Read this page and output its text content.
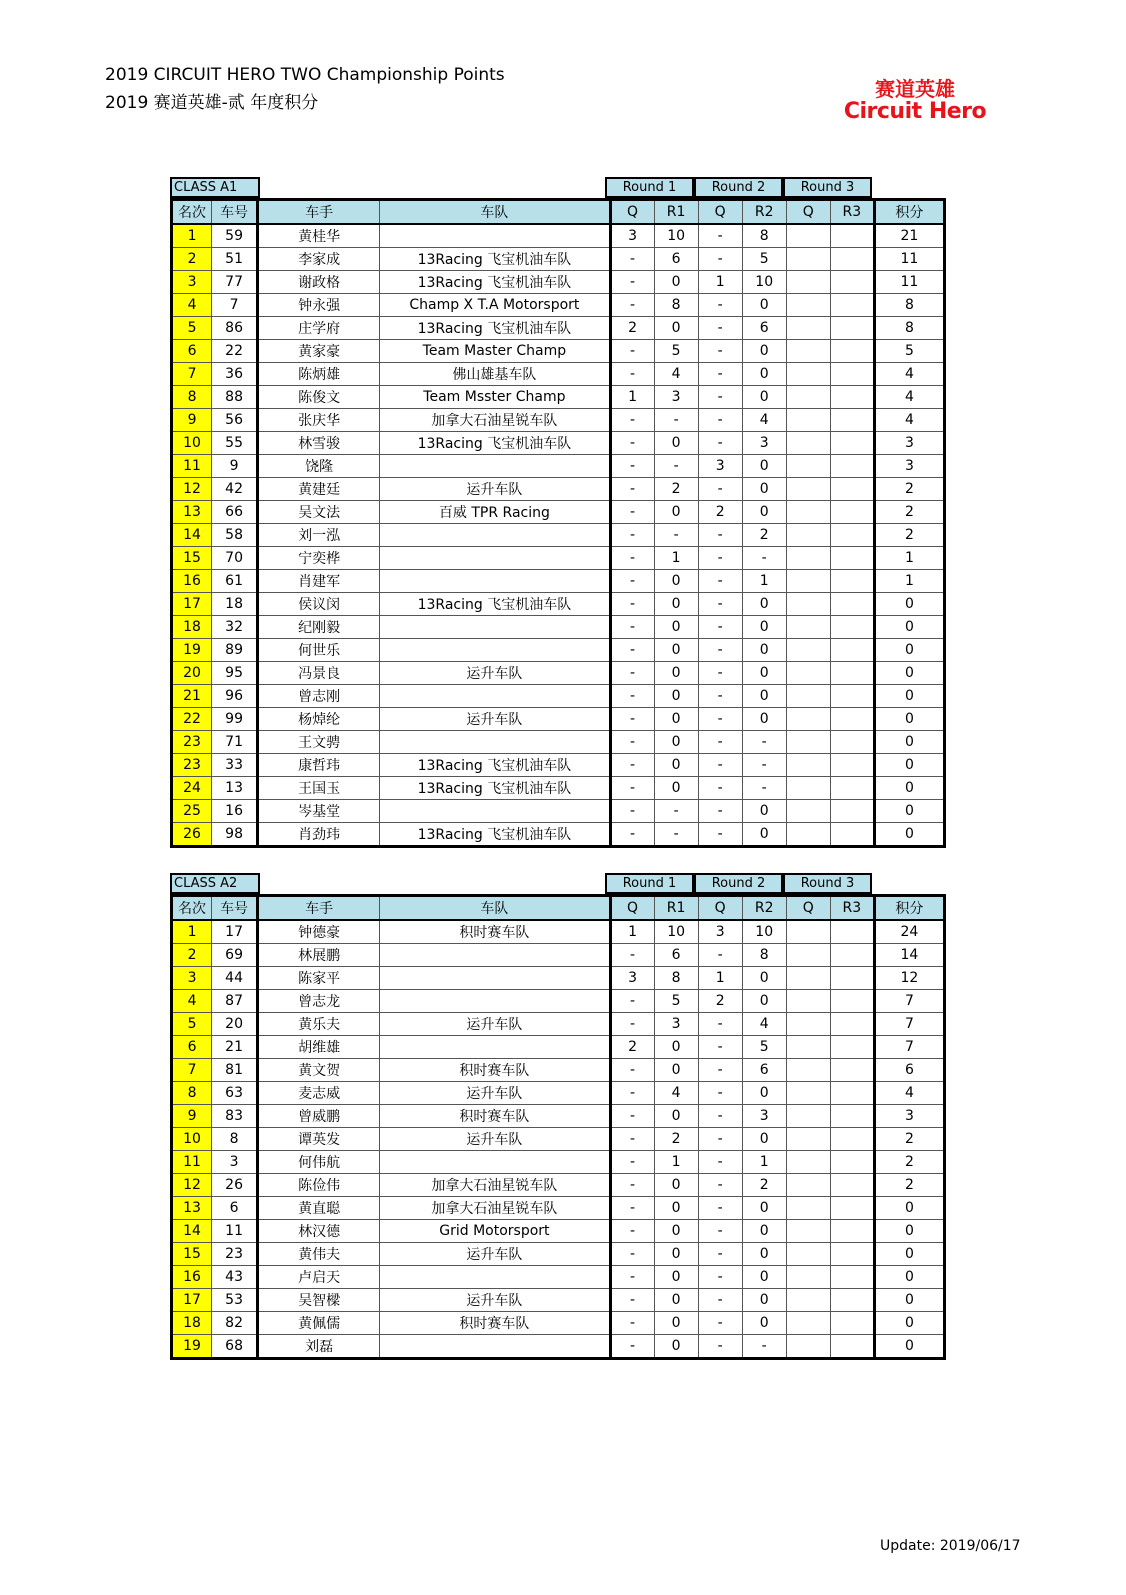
2019 CIRCUIT HERO TWO Championship Points
2019 赛道英雄-贰 年度积分
赛道英雄
Circuit Hero
CLASS A1	Round 1	Round 2	Round 3
名次	车号	车手	车队	Q	R1	Q	R2	Q	R3	积分
1	59	黄桂华		3	10	-	8			21
2	51	李家成	13Racing 飞宝机油车队	-	6	-	5			11
3	77	谢政格	13Racing 飞宝机油车队	-	0	1	10			11
4	7	钟永强	Champ X T.A Motorsport	-	8	-	0			8
5	86	庄学府	13Racing 飞宝机油车队	2	0	-	6			8
6	22	黄家豪	Team Master Champ	-	5	-	0			5
7	36	陈炳雄	佛山雄基车队	-	4	-	0			4
8	88	陈俊文	Team Msster Champ	1	3	-	0			4
9	56	张庆华	加拿大石油星锐车队	-	-	-	4			4
10	55	林雪骏	13Racing 飞宝机油车队	-	0	-	3			3
11	9	饶隆		-	-	3	0			3
12	42	黄建廷	运升车队	-	2	-	0			2
13	66	吴文法	百威 TPR Racing	-	0	2	0			2
14	58	刘一泓		-	-	-	2			2
15	70	宁奕桦		-	1	-	-			1
16	61	肖建军		-	0	-	1			1
17	18	侯议闵	13Racing 飞宝机油车队	-	0	-	0			0
18	32	纪刚毅		-	0	-	0			0
19	89	何世乐		-	0	-	0			0
20	95	冯景良	运升车队	-	0	-	0			0
21	96	曾志刚		-	0	-	0			0
22	99	杨焯纶	运升车队	-	0	-	0			0
23	71	王文骋		-	0	-	-			0
23	33	康哲玮	13Racing 飞宝机油车队	-	0	-	-			0
24	13	王国玉	13Racing 飞宝机油车队	-	0	-	-			0
25	16	岑基堂		-	-	-	0			0
26	98	肖劲玮	13Racing 飞宝机油车队	-	-	-	0			0
CLASS A2	Round 1	Round 2	Round 3
名次	车号	车手	车队	Q	R1	Q	R2	Q	R3	积分
1	17	钟德豪	积时赛车队	1	10	3	10			24
2	69	林展鹏		-	6	-	8			14
3	44	陈家平		3	8	1	0			12
4	87	曾志龙		-	5	2	0			7
5	20	黄乐夫	运升车队	-	3	-	4			7
6	21	胡维雄		2	0	-	5			7
7	81	黄文贺	积时赛车队	-	0	-	6			6
8	63	麦志威	运升车队	-	4	-	0			4
9	83	曾威鹏	积时赛车队	-	0	-	3			3
10	8	谭英发	运升车队	-	2	-	0			2
11	3	何伟航		-	1	-	1			2
12	26	陈俭伟	加拿大石油星锐车队	-	0	-	2			2
13	6	黄直聪	加拿大石油星锐车队	-	0	-	0			0
14	11	林汉德	Grid Motorsport	-	0	-	0			0
15	23	黄伟夫	运升车队	-	0	-	0			0
16	43	卢启天		-	0	-	0			0
17	53	吴智樑	运升车队	-	0	-	0			0
18	82	黄佩儒	积时赛车队	-	0	-	0			0
19	68	刘磊		-	0	-	-			0
Update: 2019/06/17
